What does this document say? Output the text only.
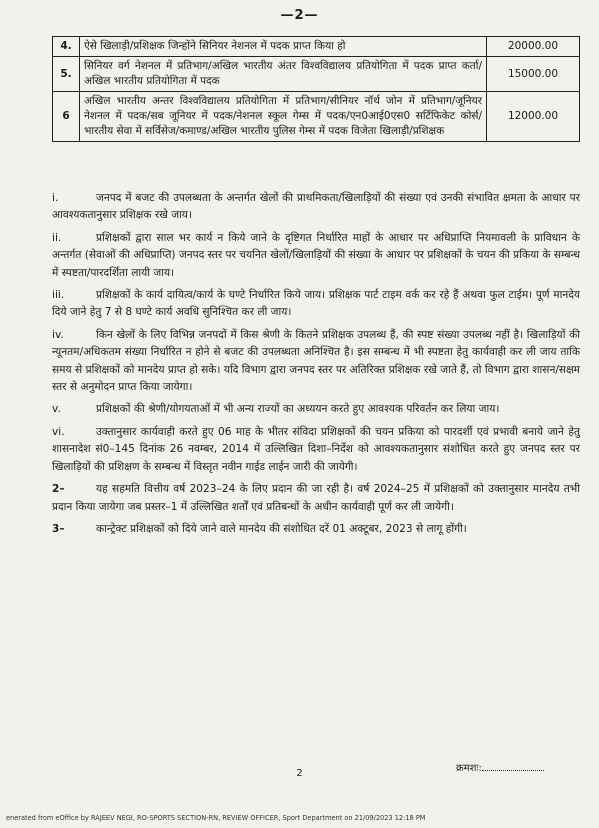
—2—
4.	ऐसे खिलाड़ी/प्रशिक्षक जिन्होंने सिनियर नेशनल में पदक प्राप्त किया हो	20000.00
5.	सिनियर वर्ग नेशनल में प्रतिभाग/अखिल भारतीय अंतर विश्वविद्यालय प्रतियोगिता में पदक प्राप्त कर्ता/अखिल भारतीय प्रतियोगिता में पदक	15000.00
6	अखिल भारतीय अन्तर विश्वविद्यालय प्रतियोगिता में प्रतिभाग/सीनियर नॉर्थ जोन में प्रतिभाग/जूनियर नेशनल में पदक/सब जूनियर में पदक/नेशनल स्कूल गेम्स में पदक/एन0आई0एस0 सर्टिफिकेट कोर्स/भारतीय सेवा में सर्विसेज/कमाण्ड/अखिल भारतीय पुलिस गेम्स में पदक विजेता खिलाड़ी/प्रशिक्षक	12000.00

i.	जनपद में बजट की उपलब्धता के अन्तर्गत खेलों की प्राथमिकता/खिलाड़ियों की संख्या एवं उनकी संभावित क्षमता के आधार पर आवश्यकतानुसार प्रशिक्षक रखे जाय।

ii.	प्रशिक्षकों द्वारा साल भर कार्य न किये जाने के दृष्टिगत निर्धारित माहों के आधार पर अधिप्राप्ति नियमावली के प्राविधान के अन्तर्गत (सेवाओं की अधिप्राप्ति) जनपद स्तर पर चयनित खेलों/खिलाड़ियों की संख्या के आधार पर प्रशिक्षकों के चयन की प्रकिया के सम्बन्ध में स्पष्टता/पारदर्शिता लायी जाय।

iii.	प्रशिक्षकों के कार्य दायित्व/कार्य के घण्टे निर्धारित किये जाय। प्रशिक्षक पार्ट टाइम वर्क कर रहे हैं अथवा फुल टाईम। पूर्ण मानदेय दिये जाने हेतु 7 से 8 घण्टे कार्य अवधि सुनिश्चित कर ली जाय।

iv.	किन खेलों के लिए विभिन्न जनपदों में किस श्रेणी के कितने प्रशिक्षक उपलब्ध हैं, की स्पष्ट संख्या उपलब्ध नहीं है। खिलाड़ियों की न्यूनतम/अधिकतम संख्या निर्धारित न होने से बजट की उपलब्धता अनिश्चित है। इस सम्बन्ध में भी स्पष्टता हेतु कार्यवाही कर ली जाय ताकि समय से प्रशिक्षकों को मानदेय प्राप्त हो सके। यदि विभाग द्वारा जनपद स्तर पर अतिरिक्त प्रशिक्षक रखे जाते हैं, तो विभाग द्वारा शासन/सक्षम स्तर से अनुमोदन प्राप्त किया जायेगा।

v.	प्रशिक्षकों की श्रेणी/योगयताओं में भी अन्य राज्यों का अध्ययन करते हुए आवश्यक परिवर्तन कर लिया जाय।

vi.	उक्तानुसार कार्यवाही करते हुए 06 माह के भीतर संविदा प्रशिक्षकों की चयन प्रकिया को पारदर्शी एवं प्रभावी बनाये जाने हेतु शासनादेश सं0–145 दिनांक 26 नवम्बर, 2014 में उल्लिखित दिशा–निर्देश को आवश्यकतानुसार संशोधित करते हुए जनपद स्तर पर खिलाड़ियों की प्रशिक्षण के सम्बन्ध में विस्तृत नवीन गाईड लाईन जारी की जायेगी।

2–	यह सहमति वित्तीय वर्ष 2023–24 के लिए प्रदान की जा रही है। वर्ष 2024–25 में प्रशिक्षकों को उक्तानुसार मानदेय तभी प्रदान किया जायेगा जब प्रस्तर–1 में उल्लिखित शर्तों एवं प्रतिबन्धों के अधीन कार्यवाही पूर्ण कर ली जायेगी।

3–	कान्ट्रेक्ट प्रशिक्षकों को दिये जाने वाले मानदेय की संशोधित दरें 01 अक्टूबर, 2023 से लागू होंगी।

क्रमशः:
2
enerated from eOffice by RAJEEV NEGI, RO-SPORTS SECTION-RN, REVIEW OFFICER, Sport Department on 21/09/2023 12:18 PM
